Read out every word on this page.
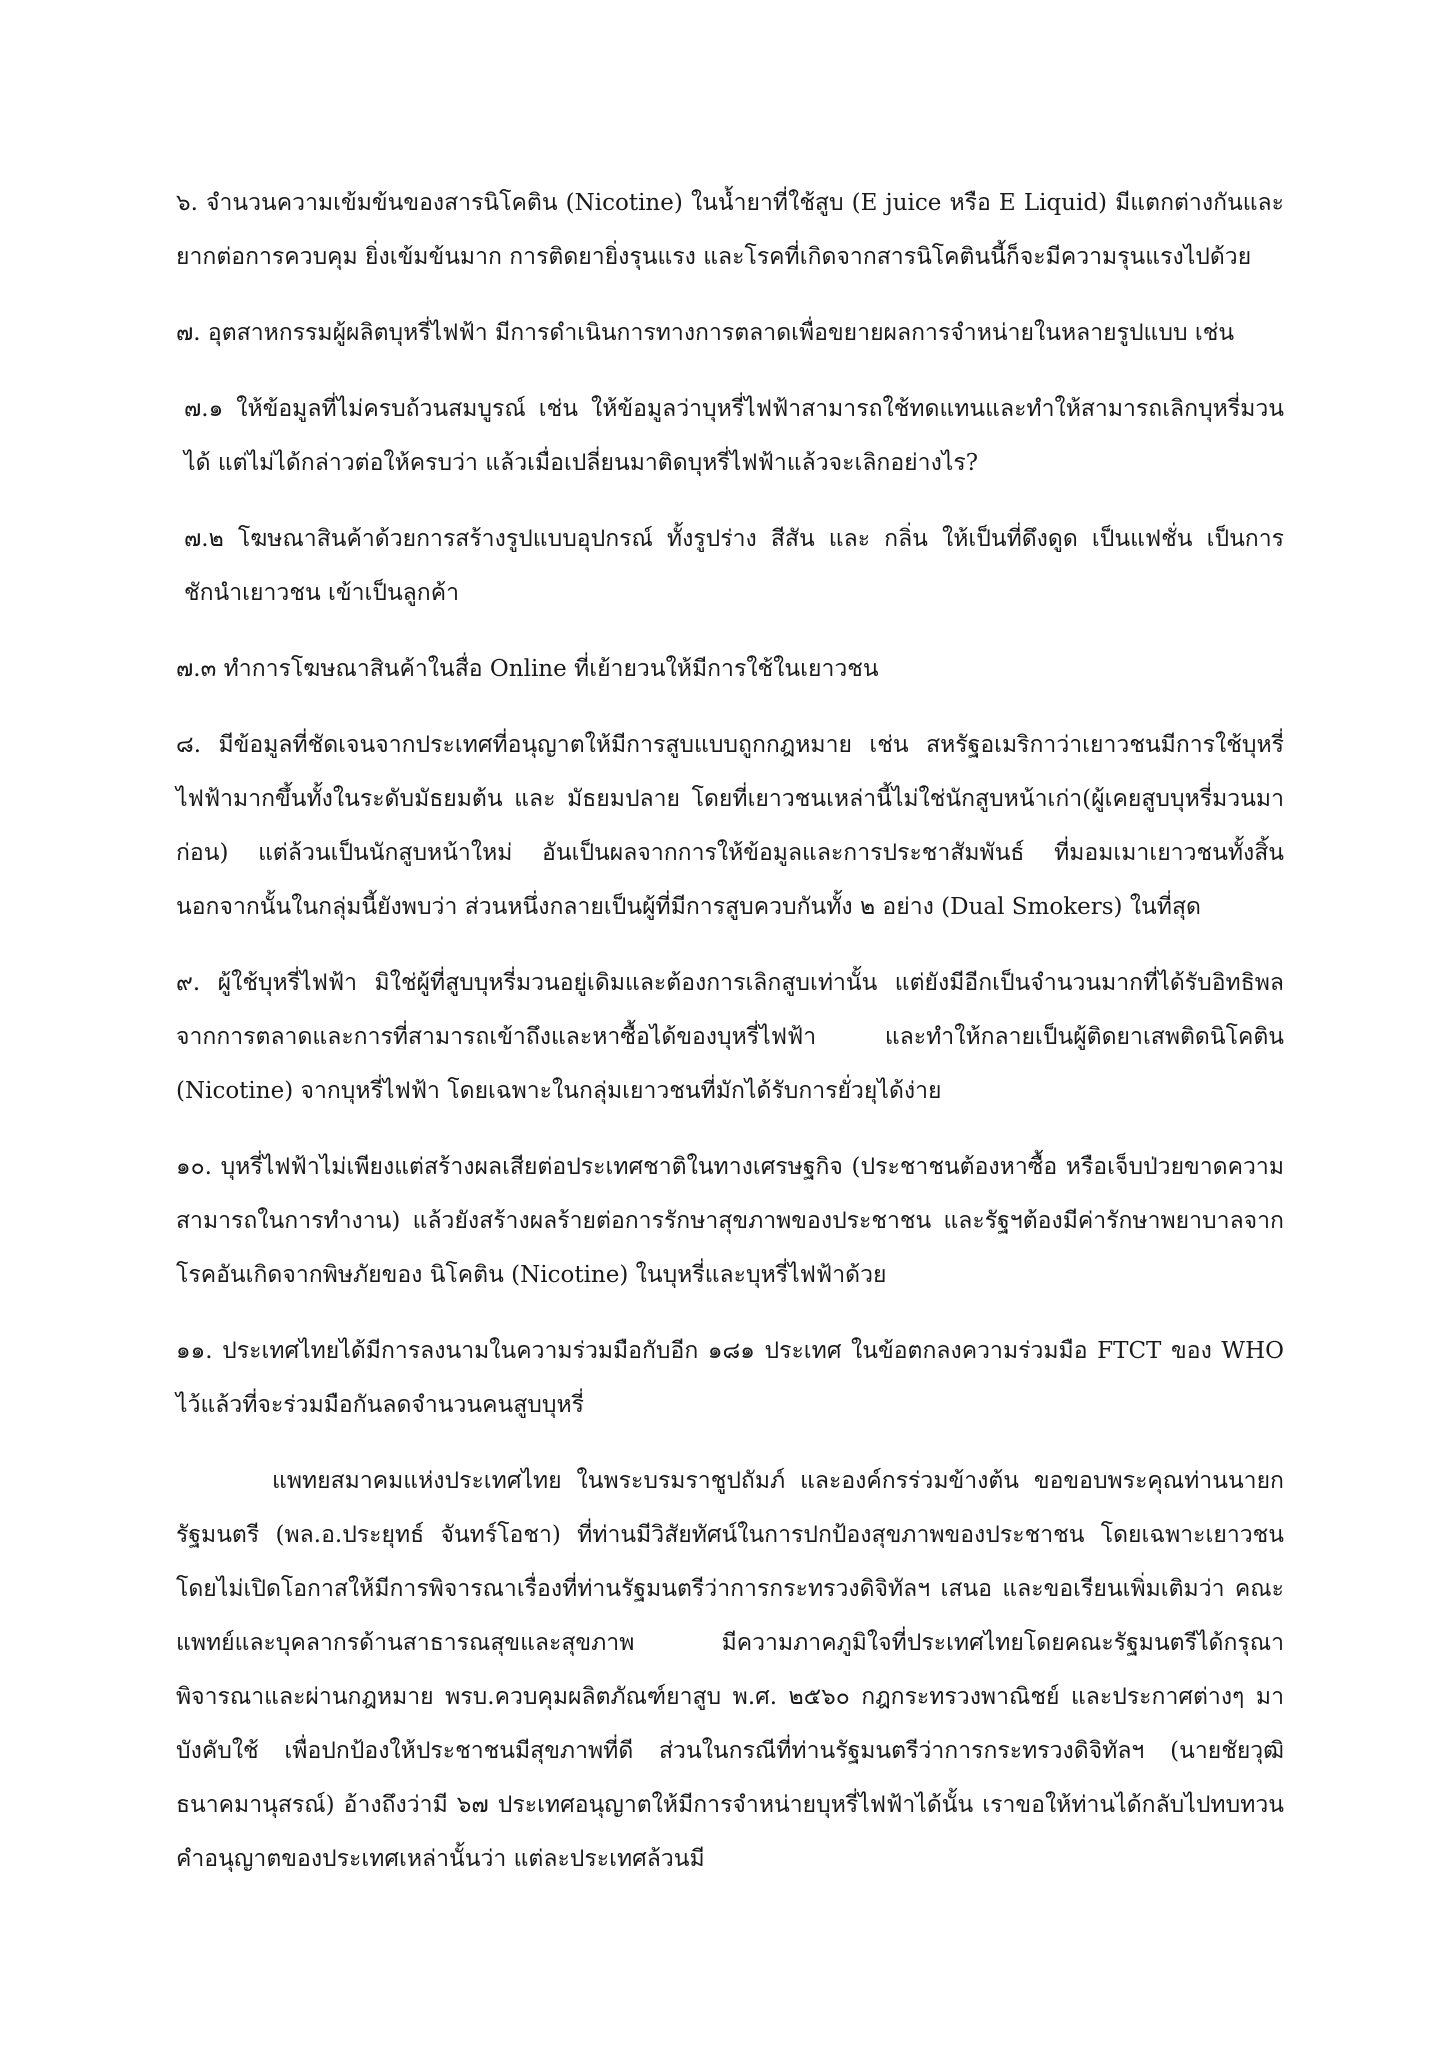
๖. จำนวนความเข้มข้นของสารนิโคติน (Nicotine) ในน้ำยาที่ใช้สูบ (E juice หรือ E Liquid) มีแตกต่างกันและยากต่อการควบคุม ยิ่งเข้มข้นมาก การติดยายิ่งรุนแรง และโรคที่เกิดจากสารนิโคตินนี้ก็จะมีความรุนแรงไปด้วย

๗. อุตสาหกรรมผู้ผลิตบุหรี่ไฟฟ้า มีการดำเนินการทางการตลาดเพื่อขยายผลการจำหน่ายในหลายรูปแบบ เช่น

๗.๑ ให้ข้อมูลที่ไม่ครบถ้วนสมบูรณ์ เช่น ให้ข้อมูลว่าบุหรี่ไฟฟ้าสามารถใช้ทดแทนและทำให้สามารถเลิกบุหรี่มวนได้ แต่ไม่ได้กล่าวต่อให้ครบว่า แล้วเมื่อเปลี่ยนมาติดบุหรี่ไฟฟ้าแล้วจะเลิกอย่างไร?

๗.๒ โฆษณาสินค้าด้วยการสร้างรูปแบบอุปกรณ์ ทั้งรูปร่าง สีสัน และ กลิ่น ให้เป็นที่ดึงดูด เป็นแฟชั่น เป็นการชักนำเยาวชน เข้าเป็นลูกค้า

๗.๓ ทำการโฆษณาสินค้าในสื่อ Online ที่เย้ายวนให้มีการใช้ในเยาวชน

๘. มีข้อมูลที่ชัดเจนจากประเทศที่อนุญาตให้มีการสูบแบบถูกกฎหมาย เช่น สหรัฐอเมริกาว่าเยาวชนมีการใช้บุหรี่ไฟฟ้ามากขึ้นทั้งในระดับมัธยมต้น และ มัธยมปลาย โดยที่เยาวชนเหล่านี้ไม่ใช่นักสูบหน้าเก่า(ผู้เคยสูบบุหรี่มวนมาก่อน) แต่ล้วนเป็นนักสูบหน้าใหม่ อันเป็นผลจากการให้ข้อมูลและการประชาสัมพันธ์ ที่มอมเมาเยาวชนทั้งสิ้น นอกจากนั้นในกลุ่มนี้ยังพบว่า ส่วนหนึ่งกลายเป็นผู้ที่มีการสูบควบกันทั้ง ๒ อย่าง (Dual Smokers) ในที่สุด

๙. ผู้ใช้บุหรี่ไฟฟ้า มิใช่ผู้ที่สูบบุหรี่มวนอยู่เดิมและต้องการเลิกสูบเท่านั้น แต่ยังมีอีกเป็นจำนวนมากที่ได้รับอิทธิพลจากการตลาดและการที่สามารถเข้าถึงและหาซื้อได้ของบุหรี่ไฟฟ้า และทำให้กลายเป็นผู้ติดยาเสพติดนิโคติน (Nicotine) จากบุหรี่ไฟฟ้า โดยเฉพาะในกลุ่มเยาวชนที่มักได้รับการยั่วยุได้ง่าย

๑๐. บุหรี่ไฟฟ้าไม่เพียงแต่สร้างผลเสียต่อประเทศชาติในทางเศรษฐกิจ (ประชาชนต้องหาซื้อ หรือเจ็บป่วยขาดความสามารถในการทำงาน) แล้วยังสร้างผลร้ายต่อการรักษาสุขภาพของประชาชน และรัฐฯต้องมีค่ารักษาพยาบาลจากโรคอันเกิดจากพิษภัยของ นิโคติน (Nicotine) ในบุหรี่และบุหรี่ไฟฟ้าด้วย

๑๑. ประเทศไทยได้มีการลงนามในความร่วมมือกับอีก ๑๘๑ ประเทศ ในข้อตกลงความร่วมมือ FTCT ของ WHO ไว้แล้วที่จะร่วมมือกันลดจำนวนคนสูบบุหรี่

แพทยสมาคมแห่งประเทศไทย ในพระบรมราชูปถัมภ์ และองค์กรร่วมข้างต้น ขอขอบพระคุณท่านนายกรัฐมนตรี (พล.อ.ประยุทธ์ จันทร์โอชา) ที่ท่านมีวิสัยทัศน์ในการปกป้องสุขภาพของประชาชน โดยเฉพาะเยาวชน โดยไม่เปิดโอกาสให้มีการพิจารณาเรื่องที่ท่านรัฐมนตรีว่าการกระทรวงดิจิทัลฯ เสนอ และขอเรียนเพิ่มเติมว่า คณะแพทย์และบุคลากรด้านสาธารณสุขและสุขภาพ มีความภาคภูมิใจที่ประเทศไทยโดยคณะรัฐมนตรีได้กรุณาพิจารณาและผ่านกฎหมาย พรบ.ควบคุมผลิตภัณฑ์ยาสูบ พ.ศ. ๒๕๖๐ กฎกระทรวงพาณิชย์ และประกาศต่างๆ มาบังคับใช้ เพื่อปกป้องให้ประชาชนมีสุขภาพที่ดี ส่วนในกรณีที่ท่านรัฐมนตรีว่าการกระทรวงดิจิทัลฯ (นายชัยวุฒิ ธนาคมานุสรณ์) อ้างถึงว่ามี ๖๗ ประเทศอนุญาตให้มีการจำหน่ายบุหรี่ไฟฟ้าได้นั้น เราขอให้ท่านได้กลับไปทบทวนคำอนุญาตของประเทศเหล่านั้นว่า แต่ละประเทศล้วนมี
